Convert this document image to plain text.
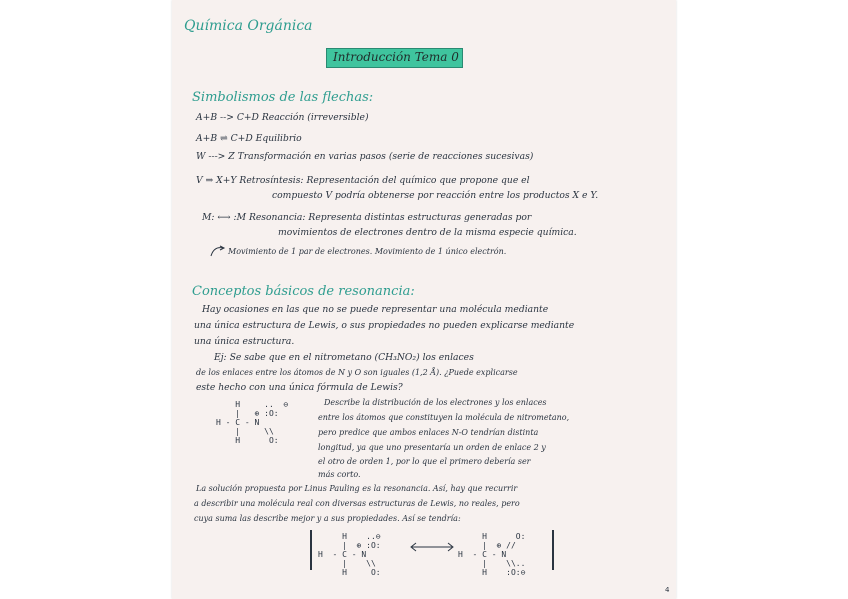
Química Orgánica
Introducción Tema 0
Simbolismos de las flechas:
A+B --> C+D Reacción (irreversible)
A+B ⇌ C+D Equilibrio
W ---> Z Transformación en varias pasos (serie de reacciones sucesivas)
V ⇒ X+Y Retrosíntesis: Representación del químico que propone que el
compuesto V podría obtenerse por reacción entre los productos X e Y.
M: ⟷ :M Resonancia: Representa distintas estructuras generadas por
movimientos de electrones dentro de la misma especie química.
Movimiento de 1 par de electrones. Movimiento de 1 único electrón.
Conceptos básicos de resonancia:
Hay ocasiones en las que no se puede representar una molécula mediante
una única estructura de Lewis, o sus propiedades no pueden explicarse mediante
una única estructura.
Ej: Se sabe que en el nitrometano (CH₃NO₂) los enlaces
de los enlaces entre los átomos de N y O son iguales (1,2 Å). ¿Puede explicarse
este hecho con una única fórmula de Lewis?
H     ..  ⊖
|   ⊕ :O:
H - C - N
|     \\
H      O:
Describe la distribución de los electrones y los enlaces
entre los átomos que constituyen la molécula de nitrometano,
pero predice que ambos enlaces N-O tendrían distinta
longitud, ya que uno presentaría un orden de enlace 2 y
el otro de orden 1, por lo que el primero debería ser
más corto.
La solución propuesta por Linus Pauling es la resonancia. Así, hay que recurrir
a describir una molécula real con diversas estructuras de Lewis, no reales, pero
cuya suma las describe mejor y a sus propiedades. Así se tendría:
H    ..⊖
|  ⊕ :O:
H  - C - N
|    \\
H     O:
H      O:
|  ⊕ //
H  - C - N
|    \\..
H    :O:⊖
4
